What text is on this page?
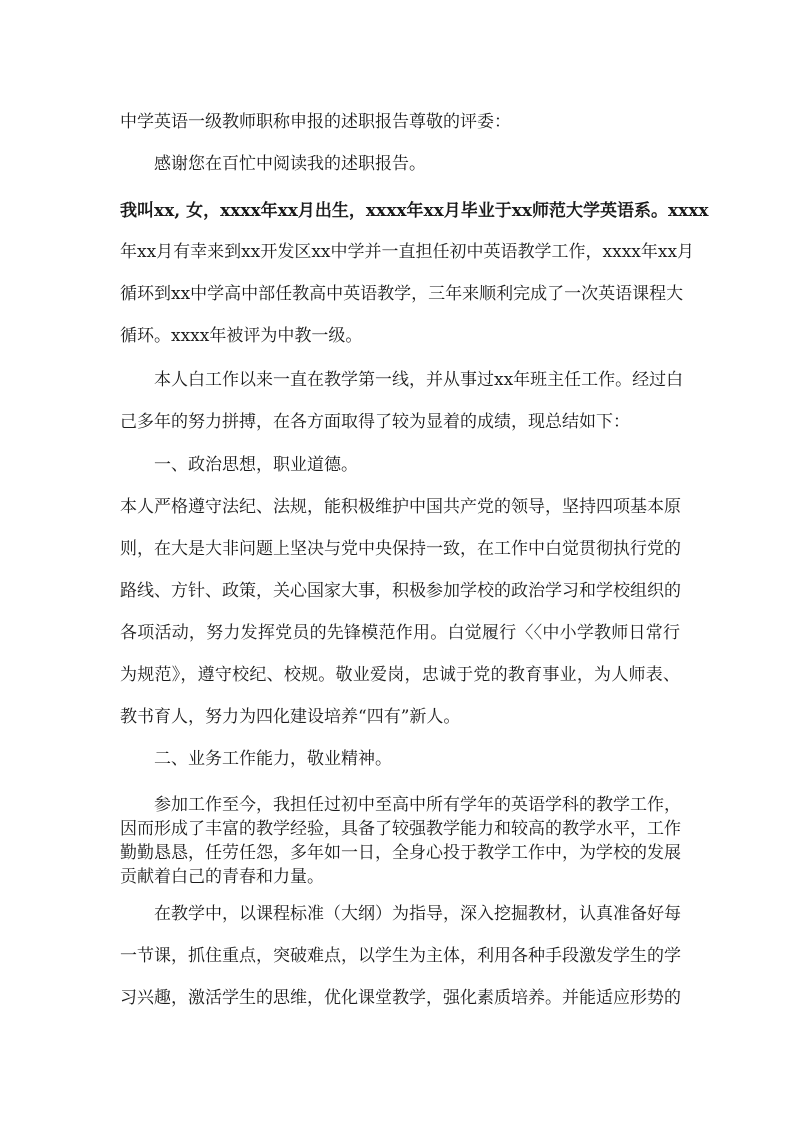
中学英语一级教师职称申报的述职报告尊敬的评委：
感谢您在百忙中阅读我的述职报告。
我叫xx, 女，xxxx年xx月出生，xxxx年xx月毕业于xx师范大学英语系。xxxx
年xx月有幸来到xx开发区xx中学并一直担任初中英语教学工作，xxxx年xx月
循环到xx中学高中部任教高中英语教学，三年来顺利完成了一次英语课程大
循环。xxxx年被评为中教一级。
本人白工作以来一直在教学第一线，并从事过xx年班主任工作。经过白
己多年的努力拼搏，在各方面取得了较为显着的成绩，现总结如下：
一、政治思想，职业道德。
本人严格遵守法纪、法规，能积极维护中国共产党的领导，坚持四项基本原
则，在大是大非问题上坚决与党中央保持一致，在工作中白觉贯彻执行党的
路线、方针、政策，关心国家大事，积极参加学校的政治学习和学校组织的
各项活动，努力发挥党员的先锋模范作用。白觉履行〈〈中小学教师日常行
为规范》，遵守校纪、校规。敬业爱岗，忠诚于党的教育事业，为人师表、
教书育人，努力为四化建设培养“四有”新人。
二、业务工作能力，敬业精神。
参加工作至今，我担任过初中至高中所有学年的英语学科的教学工作，
因而形成了丰富的教学经验，具备了较强教学能力和较高的教学水平，工作
勤勤恳恳，任劳任怨，多年如一日，全身心投于教学工作中，为学校的发展
贡献着白己的青春和力量。
在教学中，以课程标准（大纲）为指导，深入挖掘教材，认真准备好每
一节课，抓住重点，突破难点，以学生为主体，利用各种手段激发学生的学
习兴趣，激活学生的思维，优化课堂教学，强化素质培养。并能适应形势的
